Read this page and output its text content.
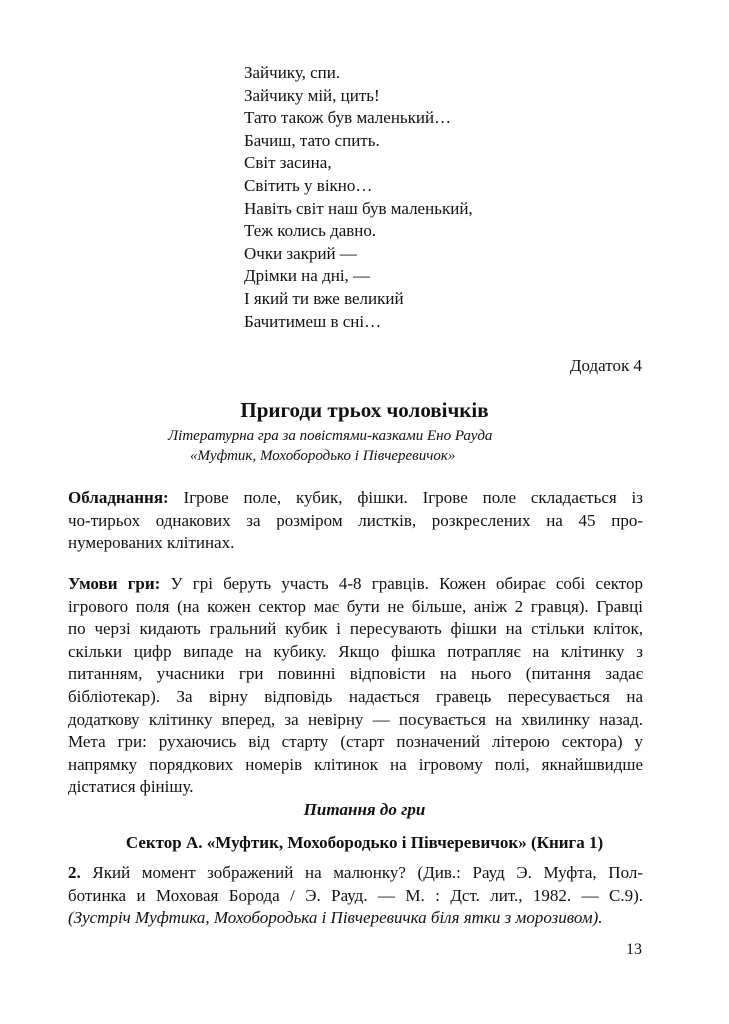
Зайчику, спи.
Зайчику мій, цить!
Тато також був маленький…
Бачиш, тато спить.
Світ засина,
Світить у вікно…
Навіть світ наш був маленький,
Теж колись давно.
Очки закрий —
Дрімки на дні, —
І який ти вже великий
Бачитимеш в сні…
Додаток 4
Пригоди трьох чоловічків
Літературна гра за повістями-казками Ено Рауда
«Муфтик, Мохобородько і Півчеревичок»
Обладнання: Ігрове поле, кубик, фішки. Ігрове поле складається із
чо-тирьох однакових за розміром листків, розкреслених на 45 про-
нумерованих клітинах.
Умови гри: У грі беруть участь 4-8 гравців. Кожен обирає собі сектор
ігрового поля (на кожен сектор має бути не більше, аніж 2 гравця). Гравці
по черзі кидають гральний кубик і пересувають фішки на стільки кліток,
скільки цифр випаде на кубику. Якщо фішка потрапляє на клітинку з
питанням, учасники гри повинні відповісти на нього (питання задає
бібліотекар). За вірну відповідь надається гравець пересувається на
додаткову клітинку вперед, за невірну — посувається на хвилинку назад.
Мета гри: рухаючись від старту (старт позначений літерою сектора) у
напрямку порядкових номерів клітинок на ігровому полі, якнайшвидше
дістатися фінішу.
Питання до гри
Сектор А. «Муфтик, Мохобородько і Півчеревичок» (Книга 1)
2. Який момент зображений на малюнку? (Див.: Рауд Э. Муфта, Пол-
ботинка и Моховая Борода / Э. Рауд. — М. : Дст. лит., 1982. — С.9).
(Зустріч Муфтика, Мохобородька і Півчеревичка біля ятки з морозивом).
13
